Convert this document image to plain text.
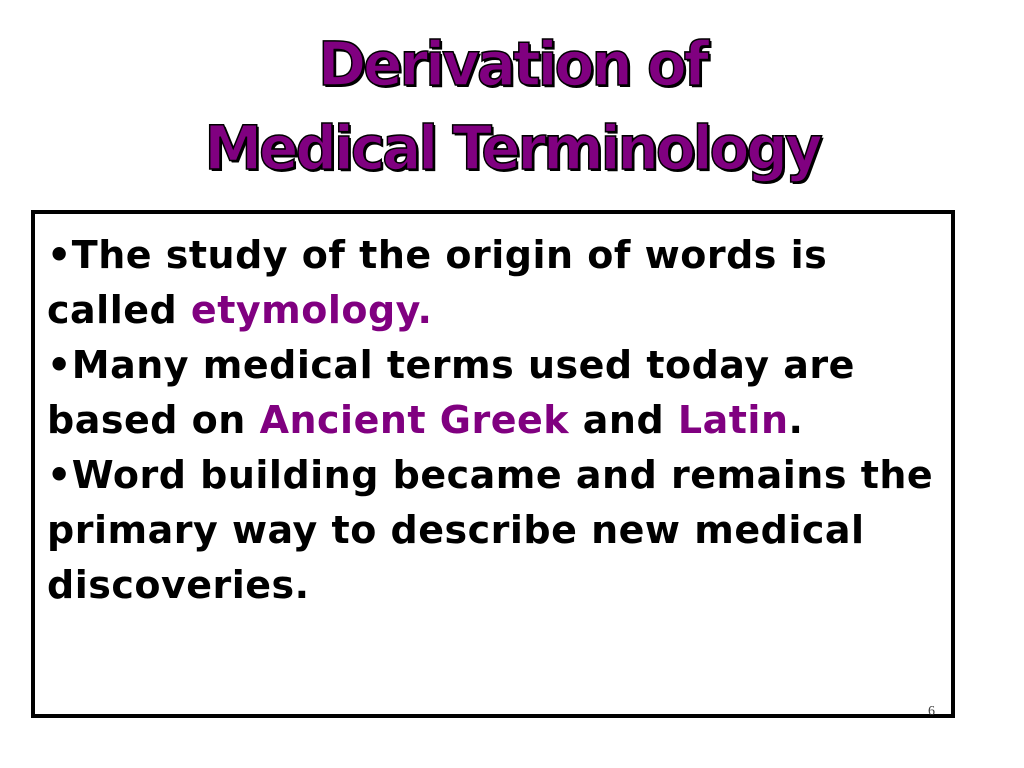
Derivation of
Medical Terminology
•The study of the origin of words is called etymology.
•Many medical terms used today are based on Ancient Greek and Latin.
•Word building became and remains the primary way to describe new medical discoveries.
6
